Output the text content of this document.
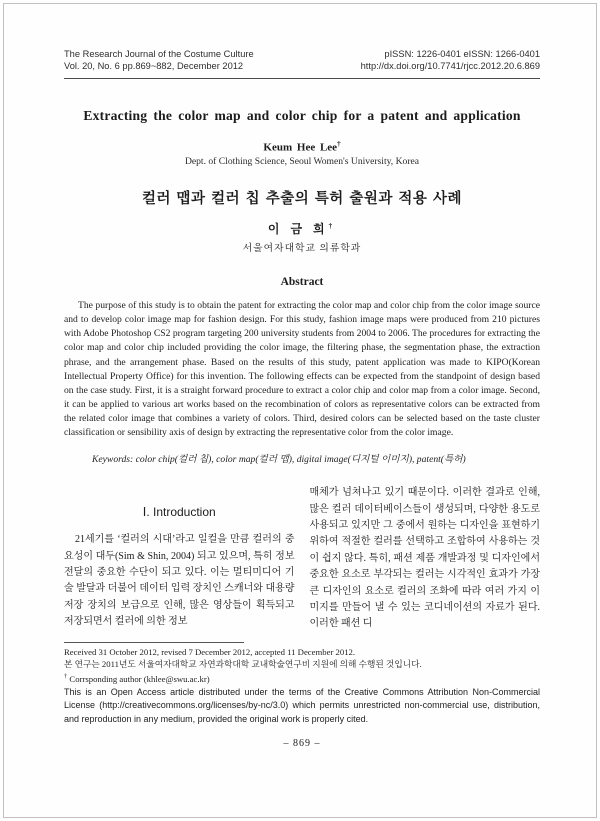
The Research Journal of the Costume Culture
Vol. 20, No. 6 pp.869~882, December 2012
pISSN: 1226-0401 eISSN: 1266-0401
http://dx.doi.org/10.7741/rjcc.2012.20.6.869
Extracting the color map and color chip for a patent and application
Keum Hee Lee†
Dept. of Clothing Science, Seoul Women's University, Korea
컬러 맵과 컬러 칩 추출의 특허 출원과 적용 사례
이 금 희†
서울여자대학교 의류학과
Abstract

The purpose of this study is to obtain the patent for extracting the color map and color chip from the color image source and to develop color image map for fashion design. For this study, fashion image maps were produced from 210 pictures with Adobe Photoshop CS2 program targeting 200 university students from 2004 to 2006. The procedures for extracting the color map and color chip included providing the color image, the filtering phase, the segmentation phase, the extraction phrase, and the arrangement phase. Based on the results of this study, patent application was made to KIPO(Korean Intellectual Property Office) for this invention. The following effects can be expected from the standpoint of design based on the case study. First, it is a straight forward procedure to extract a color chip and color map from a color image. Second, it can be applied to various art works based on the recombination of colors as representative colors can be extracted from the related color image that combines a variety of colors. Third, desired colors can be selected based on the taste cluster classification or sensibility axis of design by extracting the representative color from the color image.

Keywords: color chip(컬러 칩), color map(컬러 맵), digital image(디지털 이미지), patent(특허)
Ⅰ. Introduction

21세기를 ‘컬러의 시대’라고 일컬을 만큼 컬러의 중요성이 대두(Sim & Shin, 2004) 되고 있으며, 특히 정보전달의 중요한 수단이 되고 있다. 이는 멀티미디어 기술 발달과 더불어 데이터 입력 장치인 스캐너와 대용량 저장 장치의 보급으로 인해, 많은 영상들이 획득되고 저장되면서 컬러에 의한 정보

매체가 넘쳐나고 있기 때문이다. 이러한 결과로 인해, 많은 컬러 데이터베이스들이 생성되며, 다양한 용도로 사용되고 있지만 그 중에서 원하는 디자인을 표현하기 위하여 적절한 컬러를 선택하고 조합하여 사용하는 것이 쉽지 않다. 특히, 패션 제품 개발과정 및 디자인에서 중요한 요소로 부각되는 컬러는 시각적인 효과가 가장 큰 디자인의 요소로 컬러의 조화에 따라 여러 가지 이미지를 만들어 낼 수 있는 코디네이션의 자료가 된다. 이러한 패션 디

Received 31 October 2012, revised 7 December 2012, accepted 11 December 2012.
본 연구는 2011년도 서울여자대학교 자연과학대학 교내학술연구비 지원에 의해 수행된 것입니다.
† Corrsponding author (khlee@swu.ac.kr)
This is an Open Access article distributed under the terms of the Creative Commons Attribution Non-Commercial License (http://creativecommons.org/licenses/by-nc/3.0) which permits unrestricted non-commercial use, distribution, and reproduction in any medium, provided the original work is properly cited.
– 869 –
